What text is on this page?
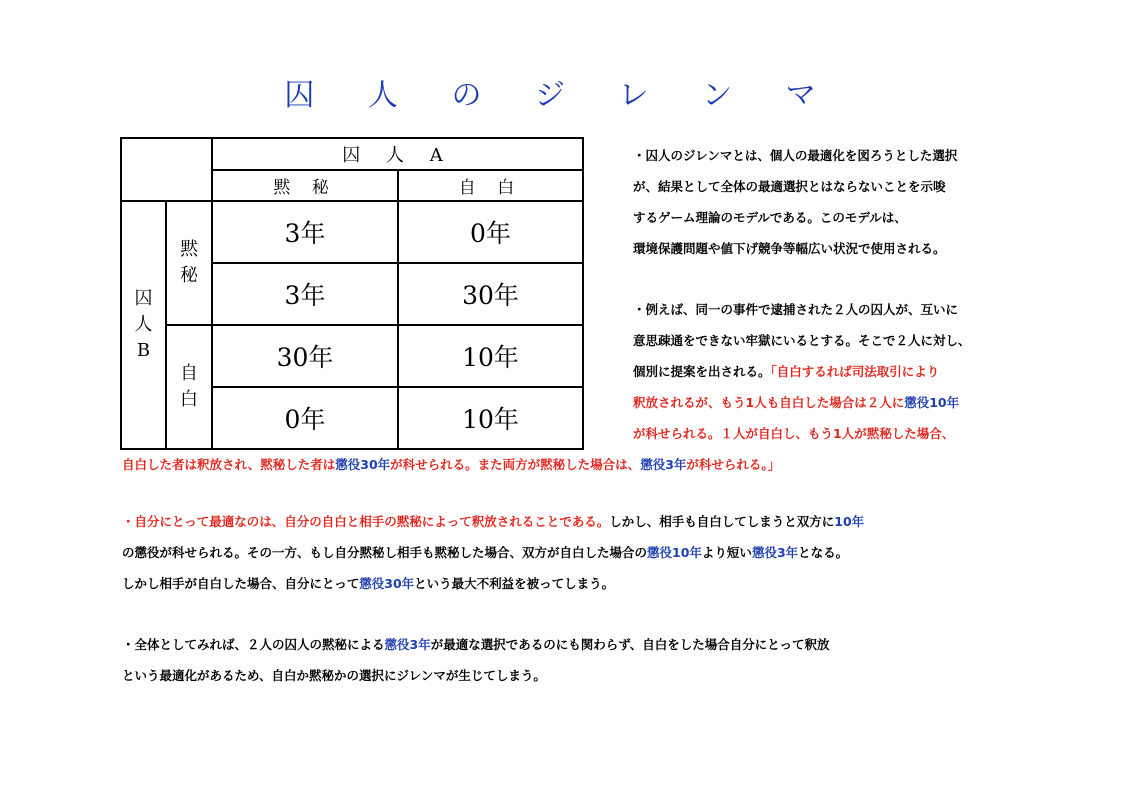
囚 人 の ジ レ ン マ
		囚 人 A	
		黙 秘	自 白

囚
人
B	黙
秘	3年	0年
		3年	30年

	自
白	30年	10年
		0年	10年
・囚人のジレンマとは、個人の最適化を図ろうとした選択
が、結果として全体の最適選択とはならないことを示唆
するゲーム理論のモデルである。このモデルは、
環境保護問題や値下げ競争等幅広い状況で使用される。
・例えば、同一の事件で逮捕された２人の囚人が、互いに
意思疎通をできない牢獄にいるとする。そこで２人に対し、
個別に提案を出される。「自白するれば司法取引により
釈放されるが、もう1人も自白した場合は２人に懲役10年
が科せられる。１人が自白し、もう1人が黙秘した場合、
自白した者は釈放され、黙秘した者は懲役30年が科せられる。また両方が黙秘した場合は、懲役3年が科せられる。」
・自分にとって最適なのは、自分の自白と相手の黙秘によって釈放されることである。しかし、相手も自白してしまうと双方に10年
の懲役が科せられる。その一方、もし自分黙秘し相手も黙秘した場合、双方が自白した場合の懲役10年より短い懲役3年となる。
しかし相手が自白した場合、自分にとって懲役30年という最大不利益を被ってしまう。
・全体としてみれば、２人の囚人の黙秘による懲役3年が最適な選択であるのにも関わらず、自白をした場合自分にとって釈放
という最適化があるため、自白か黙秘かの選択にジレンマが生じてしまう。
